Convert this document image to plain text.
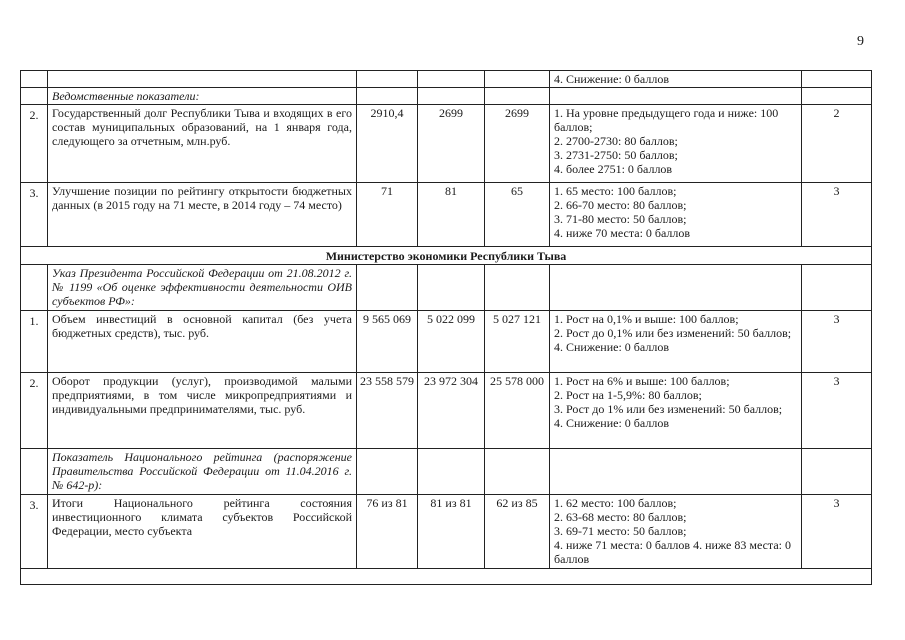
9

					4. Снижение: 0 баллов	

	Ведомственные показатели:					
2.	Государственный долг Республики Тыва и входящих в его состав муниципальных образований, на 1 января года, следующего за отчетным, млн.руб.	2910,4	2699	2699	1. На уровне предыдущего года и ниже: 100 баллов;
2. 2700-2730: 80 баллов;
3. 2731-2750: 50 баллов;
4. более 2751: 0 баллов	2
3.	Улучшение позиции по рейтингу открытости бюджетных данных (в 2015 году на 71 месте, в 2014 году – 74 место)	71	81	65	1. 65 место: 100 баллов;
2. 66-70 место: 80 баллов;
3. 71-80 место: 50 баллов;
4. ниже 70 места: 0 баллов	3
Министерство экономики Республики Тыва						
	Указ Президента Российской Федерации от 21.08.2012 г. № 1199 «Об оценке эффективности деятельности ОИВ субъектов РФ»:					
1.	Объем инвестиций в основной капитал (без учета бюджетных средств), тыс. руб.	9 565 069	5 022 099	5 027 121	1. Рост на 0,1% и выше: 100 баллов;
2. Рост до 0,1% или без изменений: 50 баллов;
4. Снижение: 0 баллов	3
2.	Оборот продукции (услуг), производимой малыми предприятиями, в том числе микропредприятиями и индивидуальными предпринимателями, тыс. руб.	23 558 579	23 972 304	25 578 000	1. Рост на 6% и выше: 100 баллов;
2. Рост на 1-5,9%: 80 баллов;
3. Рост до 1% или без изменений: 50 баллов;
4. Снижение: 0 баллов	3
	Показатель Национального рейтинга (распоряжение Правительства Российской Федерации от 11.04.2016 г. № 642-р):					
3.	Итоги Национального рейтинга состояния инвестиционного климата субъектов Российской Федерации, место субъекта	76 из 81	81 из 81	62 из 85	1. 62 место: 100 баллов;
2. 63-68 место: 80 баллов;
3. 69-71 место: 50 баллов;
4. ниже 71 места: 0 баллов 4. ниже 83 места: 0 баллов	3
